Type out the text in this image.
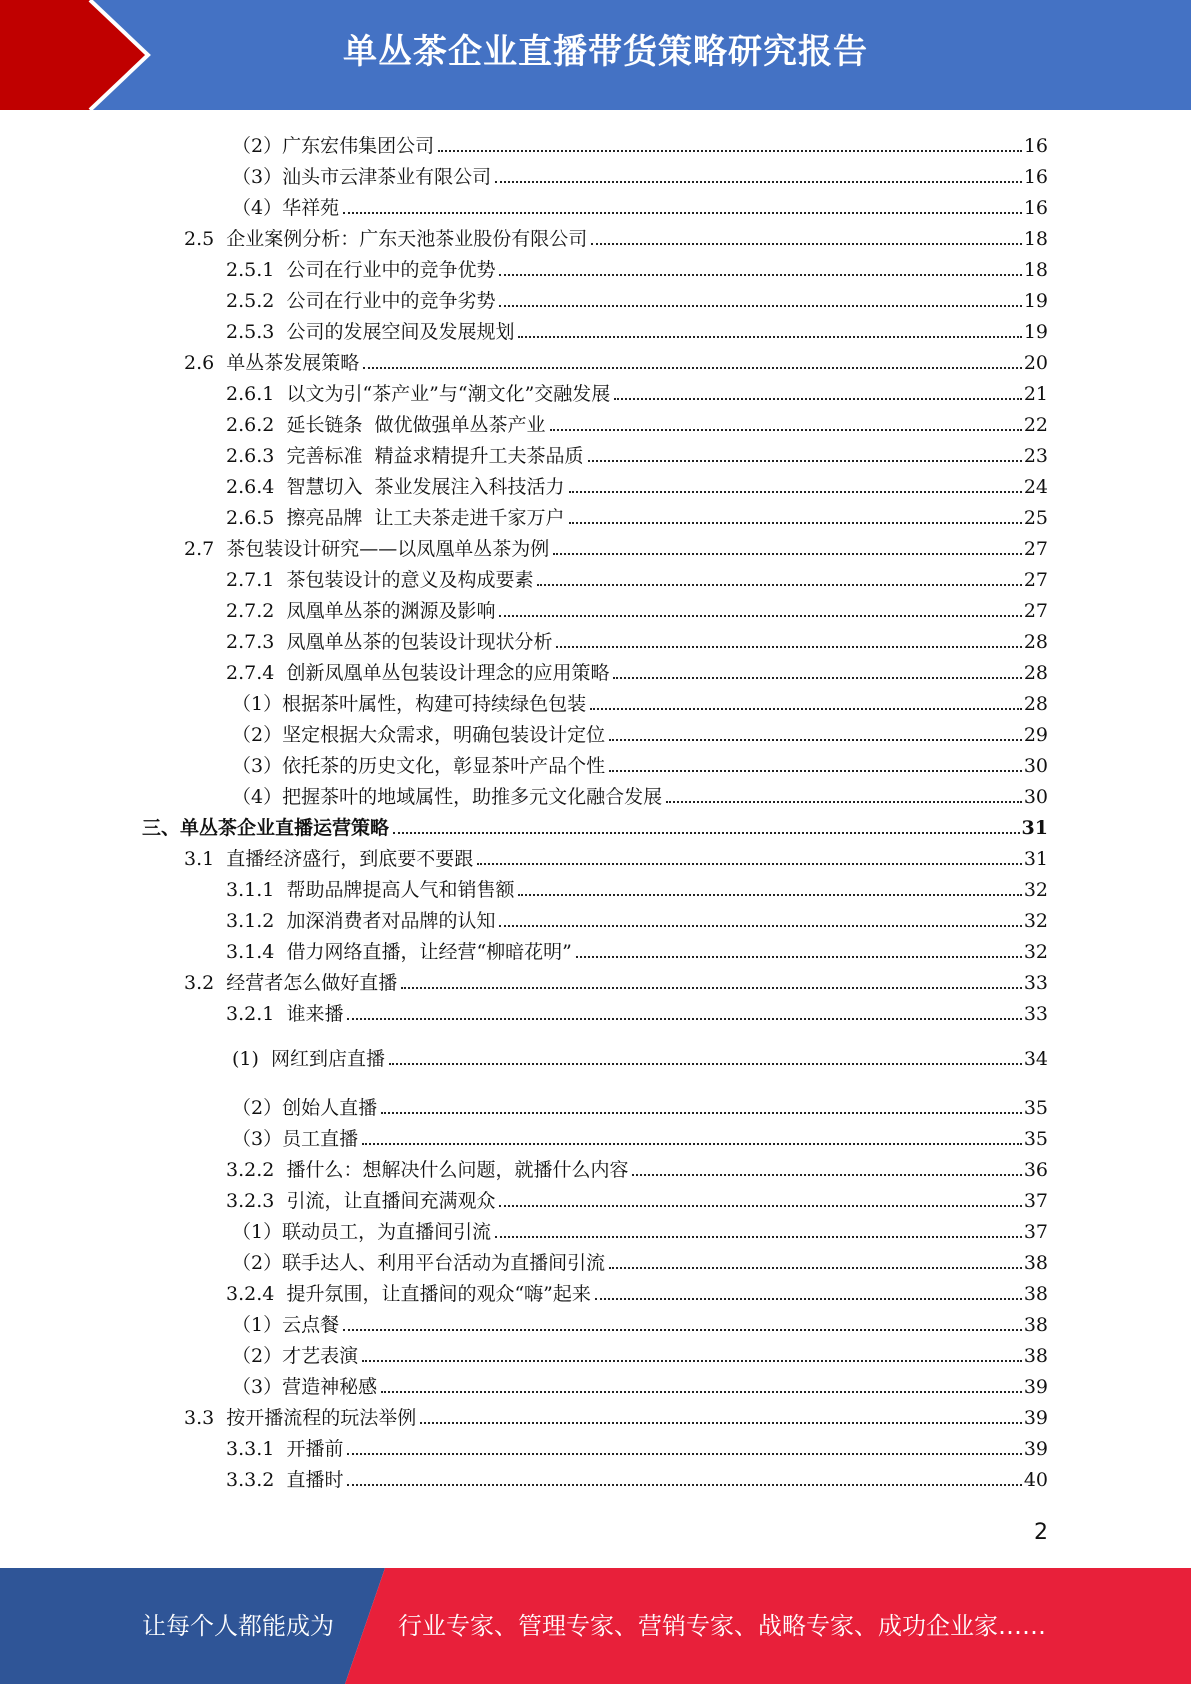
单丛茶企业直播带货策略研究报告
（2） 广东宏伟集团公司	16
（3） 汕头市云津茶业有限公司	16
（4） 华祥苑	16
2.5 企业案例分析：广东天池茶业股份有限公司	18
2.5.1 公司在行业中的竞争优势	18
2.5.2 公司在行业中的竞争劣势	19
2.5.3 公司的发展空间及发展规划	19
2.6 单丛茶发展策略	20
2.6.1 以文为引“茶产业”与“潮文化”交融发展	21
2.6.2 延长链条  做优做强单丛茶产业	22
2.6.3 完善标准  精益求精提升工夫茶品质	23
2.6.4 智慧切入  茶业发展注入科技活力	24
2.6.5 擦亮品牌  让工夫茶走进千家万户	25
2.7 茶包装设计研究——以凤凰单丛茶为例	27
2.7.1 茶包装设计的意义及构成要素	27
2.7.2 凤凰单丛茶的渊源及影响	27
2.7.3 凤凰单丛茶的包装设计现状分析	28
2.7.4 创新凤凰单丛包装设计理念的应用策略	28
（1） 根据茶叶属性，构建可持续绿色包装	28
（2） 坚定根据大众需求，明确包装设计定位	29
（3） 依托茶的历史文化，彰显茶叶产品个性	30
（4） 把握茶叶的地域属性，助推多元文化融合发展	30
三、 单丛茶企业直播运营策略	31
3.1 直播经济盛行，到底要不要跟	31
3.1.1 帮助品牌提高人气和销售额	32
3.1.2 加深消费者对品牌的认知	32
3.1.4 借力网络直播，让经营“柳暗花明”	32
3.2 经营者怎么做好直播	33
3.2.1 谁来播	33
(1) 网红到店直播	34
（2） 创始人直播	35
（3） 员工直播	35
3.2.2 播什么：想解决什么问题，就播什么内容	36
3.2.3 引流，让直播间充满观众	37
（1） 联动员工，为直播间引流	37
（2） 联手达人、利用平台活动为直播间引流	38
3.2.4 提升氛围，让直播间的观众“嗨”起来	38
（1） 云点餐	38
（2） 才艺表演	38
（3） 营造神秘感	39
3.3 按开播流程的玩法举例	39
3.3.1 开播前	39
3.3.2 直播时	40
2
让每个人都能成为	行业专家、管理专家、营销专家、战略专家、成功企业家……
